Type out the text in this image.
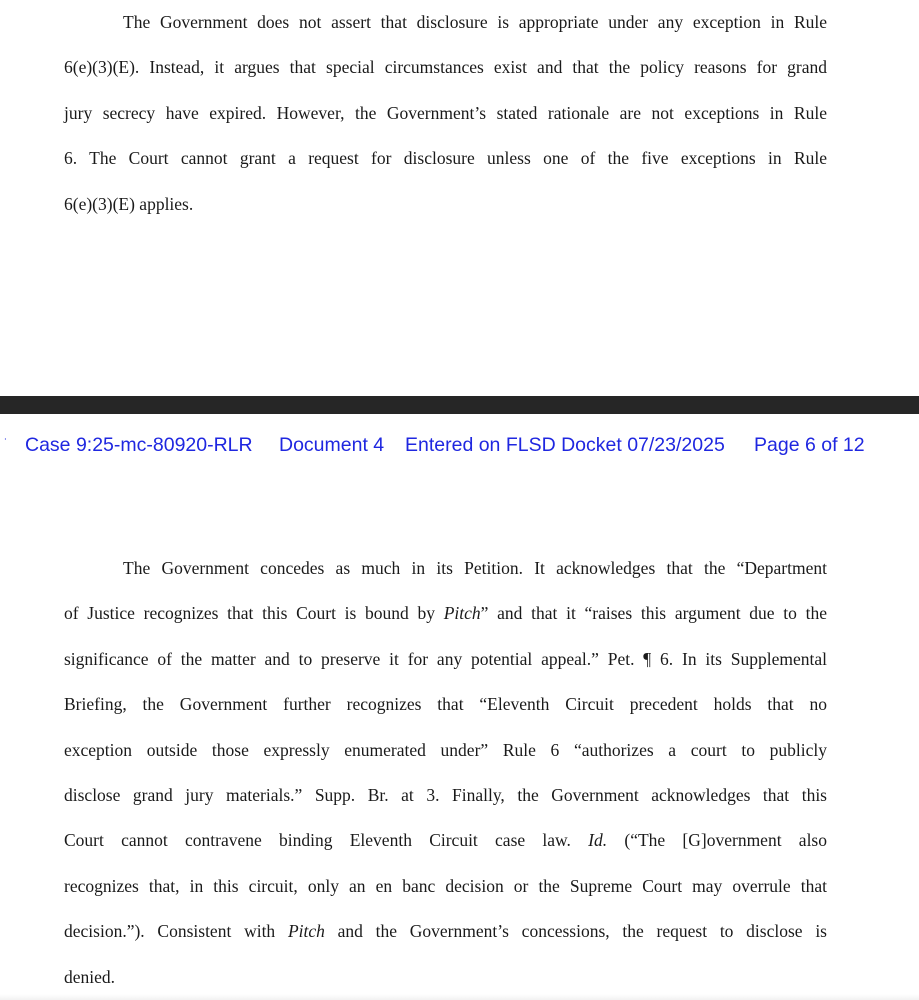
The Government does not assert that disclosure is appropriate under any exception in Rule
6(e)(3)(E). Instead, it argues that special circumstances exist and that the policy reasons for grand
jury secrecy have expired. However, the Government’s stated rationale are not exceptions in Rule
6. The Court cannot grant a request for disclosure unless one of the five exceptions in Rule
6(e)(3)(E) applies.
˙ Case 9:25-mc-80920-RLR Document 4 Entered on FLSD Docket 07/23/2025 Page 6 of 12
The Government concedes as much in its Petition. It acknowledges that the “Department
of Justice recognizes that this Court is bound by Pitch” and that it “raises this argument due to the
significance of the matter and to preserve it for any potential appeal.” Pet. ¶ 6. In its Supplemental
Briefing, the Government further recognizes that “Eleventh Circuit precedent holds that no
exception outside those expressly enumerated under” Rule 6 “authorizes a court to publicly
disclose grand jury materials.” Supp. Br. at 3. Finally, the Government acknowledges that this
Court cannot contravene binding Eleventh Circuit case law. Id. (“The [G]overnment also
recognizes that, in this circuit, only an en banc decision or the Supreme Court may overrule that
decision.”). Consistent with Pitch and the Government’s concessions, the request to disclose is
denied.
